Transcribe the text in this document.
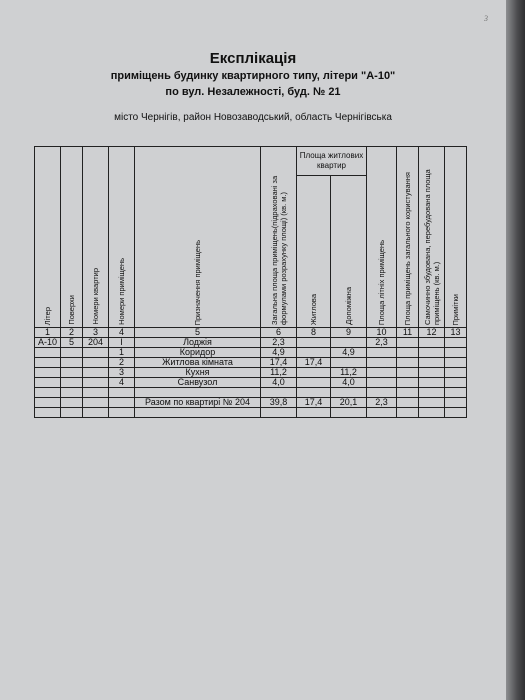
3
Експлікація
приміщень будинку квартирного типу, літери "А-10"
по вул. Незалежності, буд. № 21
місто Чернігів, район Новозаводський, область Чернігівська
Літер	Поверхи	Номери квартир	Номери приміщень	Призначення приміщень	Загальна площа приміщень(підраховані за формулами розрахунку площі) (кв. м.)	Площа житлових квартир		Площа літніх приміщень	Площа приміщень загального користування	Самочинно збудована, перебудована площа приміщень (кв. м.)	Примітки
						Житлова	Допоміжна				
1	2	3	4	5	6	8	9	10	11	12	13
А-10	5	204	І	Лоджія	2,3			2,3			
			1	Коридор	4,9		4,9				
			2	Житлова кімната	17,4	17,4					
			3	Кухня	11,2		11,2				
			4	Санвузол	4,0		4,0				

				Разом по квартирі № 204	39,8	17,4	20,1	2,3			
